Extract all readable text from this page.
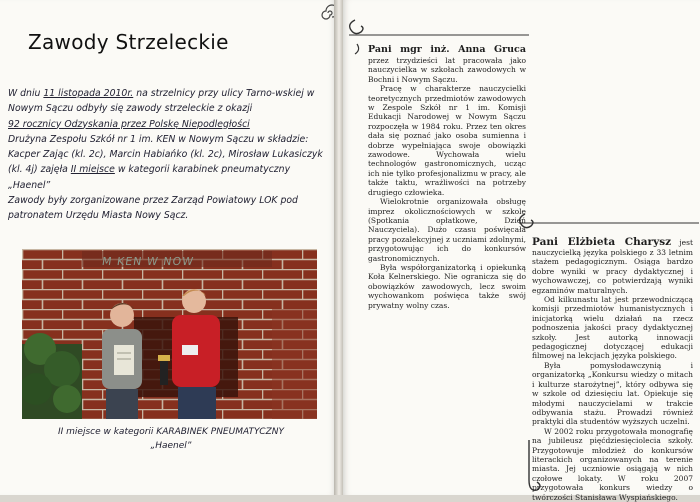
Zawody Strzeleckie

W dniu 11 listopada 2010r. na strzelnicy przy ulicy Tarno-wskiej w Nowym Sączu odbyły się zawody strzeleckie z okazji

92 rocznicy Odzyskania przez Polskę Niepodległości

Drużyna Zespołu Szkół nr 1 im. KEN w Nowym Sączu w składzie: Kacper Zając (kl. 2c), Marcin Habiańko (kl. 2c), Mirosław Lukasiczyk (kl. 4j) zajęła II miejsce w kategorii karabinek pneumatyczny „Haenel”

Zawody były zorganizowane przez Zarząd Powiatowy LOK pod patronatem Urzędu Miasta Nowy Sącz.

M KEN W NOW
II miejsce w kategorii KARABINEK PNEUMATYCZNY
„Haenel”

Pani mgr inż. Anna Gruca przez trzydzieści lat pracowała jako nauczycielka w szkołach zawodowych w Bochni i Nowym Sączu.

Pracę w charakterze nauczycielki teoretycznych przedmiotów zawodowych w Zespole Szkół nr 1 im. Komisji Edukacji Narodowej w Nowym Sączu rozpoczęła w 1984 roku. Przez ten okres dała się poznać jako osoba sumienna i dobrze wypełniająca swoje obowiązki zawodowe. Wychowała wielu technologów gastronomicznych, ucząc ich nie tylko profesjonalizmu w pracy, ale także taktu, wrażliwości na potrzeby drugiego człowieka.

Wielokrotnie organizowała obsługę imprez okolicznościowych w szkole (Spotkania opłatkowe, Dzień Nauczyciela). Dużo czasu poświęcała pracy pozalekcyjnej z uczniami zdolnymi, przygotowując ich do konkursów gastronomicznych.

Była współorganizatorką i opiekunką Koła Kelnerskiego. Nie ogranicza się do obowiązków zawodowych, lecz swoim wychowankom poświęca także swój prywatny wolny czas.

Pani Elżbieta Charysz jest nauczycielką języka polskiego z 33 letnim stażem pedagogicznym. Osiąga bardzo dobre wyniki w pracy dydaktycznej i wychowawczej, co potwierdzają wyniki egzaminów maturalnych.

Od kilkunastu lat jest przewodniczącą komisji przedmiotów humanistycznych i inicjatorką wielu działań na rzecz podnoszenia jakości pracy dydaktycznej szkoły. Jest autorką innowacji pedagogicznej dotyczącej edukacji filmowej na lekcjach języka polskiego.

Była pomysłodawczynią i organizatorką „Konkursu wiedzy o mitach i kulturze starożytnej”, który odbywa się w szkole od dziesięciu lat. Opiekuje się młodymi nauczycielami w trakcie odbywania stażu. Prowadzi również praktyki dla studentów wyższych uczelni.

W 2002 roku przygotowała monografię na jubileusz pięćdziesięciolecia szkoły. Przygotowuje młodzież do konkursów literackich organizowanych na terenie miasta. Jej uczniowie osiągają w nich czołowe lokaty. W roku 2007 przygotowała konkurs wiedzy o twórczości Stanisława Wyspiańskiego.
